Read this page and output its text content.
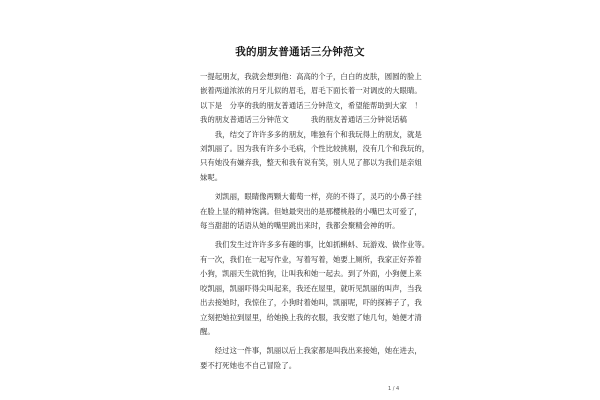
我的朋友普通话三分钟范文
一提起朋友，我就会想到他：高高的个子，白白的皮肤，圆圆的脸上
嵌着两道浓浓的月牙儿似的眉毛，眉毛下面长着一对调皮的大眼睛。
以下是　分享的我的朋友普通话三分钟范文，希望能帮助到大家　！
我的朋友普通话三分钟范文　　　我的朋友普通话三分钟说话稿
　　我，结交了许许多多的朋友，唯独有个和我玩得上的朋友，就是
刘凯丽了。因为我有许多小毛病，个性比较挑剔，没有几个和我玩的，
只有她没有嫌弃我，整天和我有说有笑，别人见了都以为我们是亲姐
妹呢。
　　刘凯丽，眼睛像两颗大葡萄一样，亮的不得了，灵巧的小鼻子挂
在脸上显的精神饱满。但她最突出的是那樱桃般的小嘴巴太可爱了，
每当甜甜的话语从她的嘴里跳出来时，我都会聚精会神的听。
　　我们发生过许许多多有趣的事，比如抓蝌蚪、玩游戏、做作业等。
有一次，我们在一起写作业，写着写着，她要上厕所，我家正好养着
小狗，凯丽天生就怕狗，让叫我和她一起去。到了外面，小狗便上来
咬凯丽，凯丽吓得尖叫起来，我还在屋里，就听见凯丽的叫声，当我
出去接她时，我惊住了，小狗时着她叫，凯丽呢，吓的探裤子了，我
立刻把她拉到屋里，给她换上我的衣服，我安慰了她几句，她便才清
醒。
　　经过这一件事，凯丽以后上我家都是叫我出来接她，她在进去，
要不打死她也不自己冒险了。
1 / 4
